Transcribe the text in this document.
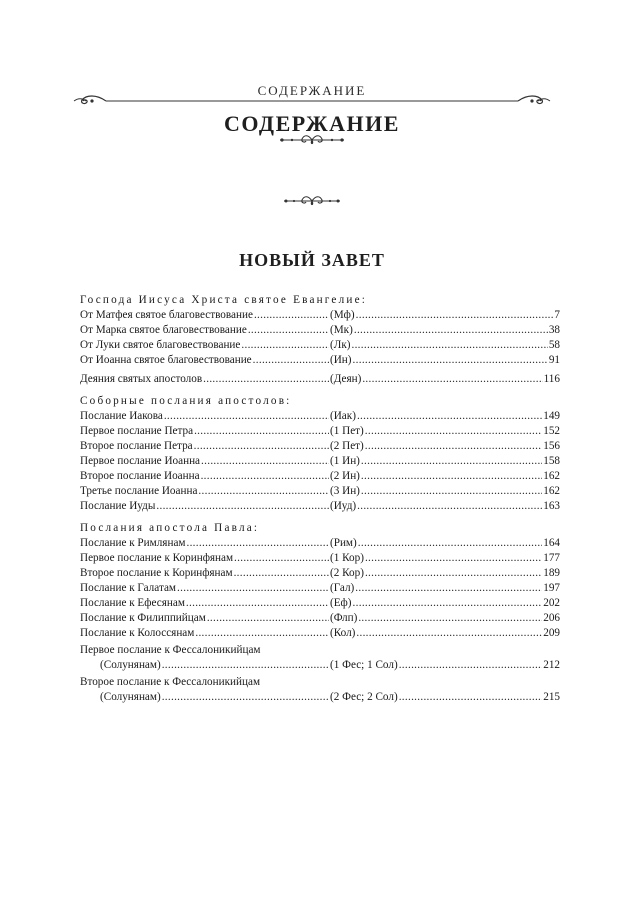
СОДЕРЖАНИЕ
СОДЕРЖАНИЕ
НОВЫЙ ЗАВЕТ
Господа Иисуса Христа святое Евангелие:
От Матфея святое благовествование .....	(Мф) .....	7
От Марка святое благовествование .....	(Мк) .....	38
От Луки святое благовествование .....	(Лк) .....	58
От Иоанна святое благовествование .....	(Ин) .....	91
Деяния святых апостолов .....	(Деян) .....	116
Соборные послания апостолов:
Послание Иакова .....	(Иак) .....	149
Первое послание Петра .....	(1 Пет) .....	152
Второе послание Петра .....	(2 Пет) .....	156
Первое послание Иоанна .....	(1 Ин) .....	158
Второе послание Иоанна .....	(2 Ин) .....	162
Третье послание Иоанна .....	(3 Ин) .....	162
Послание Иуды .....	(Иуд) .....	163
Послания апостола Павла:
Послание к Римлянам .....	(Рим) .....	164
Первое послание к Коринфянам .....	(1 Кор) .....	177
Второе послание к Коринфянам .....	(2 Кор) .....	189
Послание к Галатам .....	(Гал) .....	197
Послание к Ефесянам .....	(Еф) .....	202
Послание к Филиппийцам .....	(Флп) .....	206
Послание к Колоссянам .....	(Кол) .....	209
Первое послание к Фессалоникийцам
(Солунянам) .....	(1 Фес; 1 Сол) .....	212
Второе послание к Фессалоникийцам
(Солунянам) .....	(2 Фес; 2 Сол) .....	215
